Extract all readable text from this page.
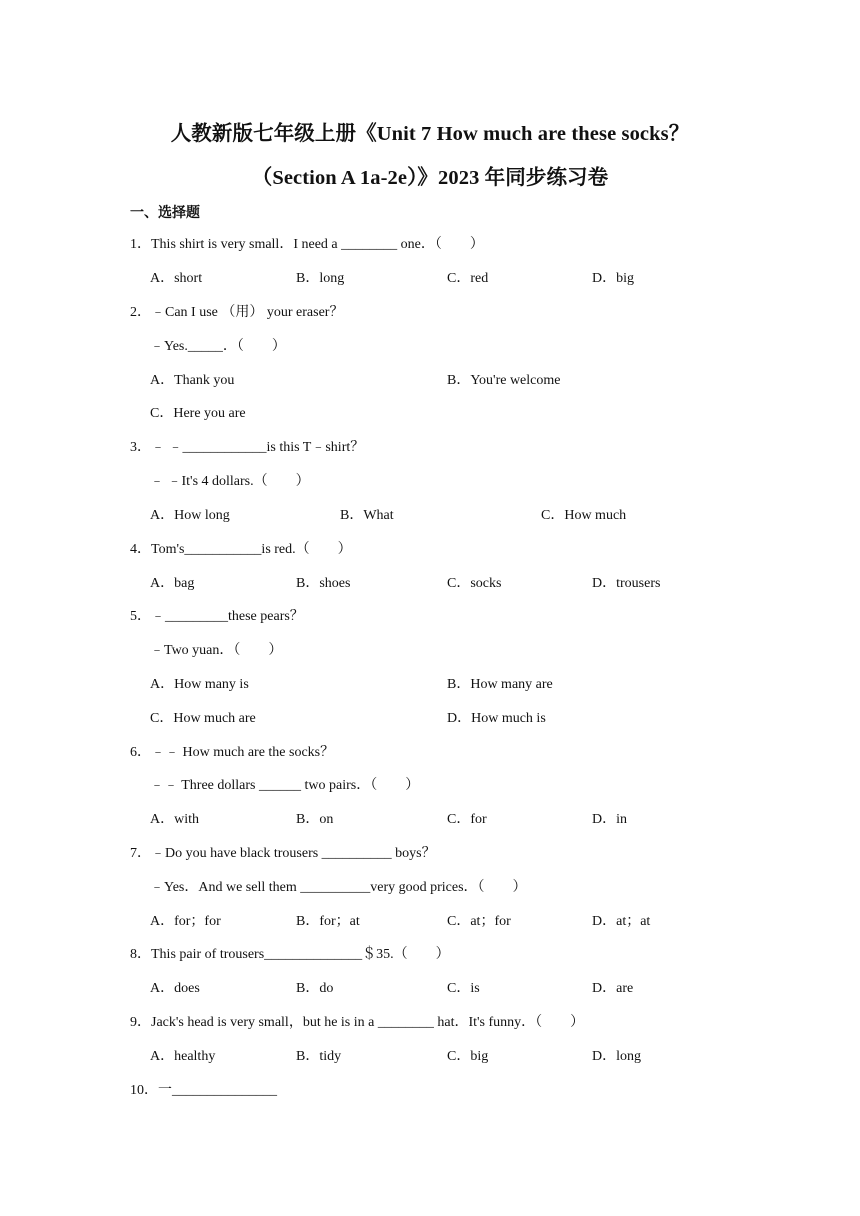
人教新版七年级上册《Unit 7 How much are these socks？
（Section A 1a-2e）》2023 年同步练习卷
一、选择题
1．This shirt is very small．I need a ________ one．（　　）
A．short	B．long	C．red	D．big
2．﹣Can I use （用） your eraser？
﹣Yes._____．（　　）
A．Thank you	B．You're welcome
C．Here you are
3．﹣ ﹣____________is this T﹣shirt？
﹣ ﹣It's 4 dollars.（　　）
A．How long	B．What	C．How much
4．Tom's___________is red.（　　）
A．bag	B．shoes	C．socks	D．trousers
5．﹣_________these pears？
﹣Two yuan．（　　）
A．How many is	B．How many are
C．How much are	D．How much is
6．﹣﹣ How much are the socks？
﹣﹣ Three dollars ______ two pairs．（　　）
A．with	B．on	C．for	D．in
7．﹣Do you have black trousers __________ boys？
﹣Yes．And we sell them __________very good prices．（　　）
A．for；for	B．for；at	C．at；for	D．at；at
8．This pair of trousers______________＄35.（　　）
A．does	B．do	C．is	D．are
9．Jack's head is very small，but he is in a ________ hat．It's funny．（　　）
A．healthy	B．tidy	C．big	D．long
10．一_______________
